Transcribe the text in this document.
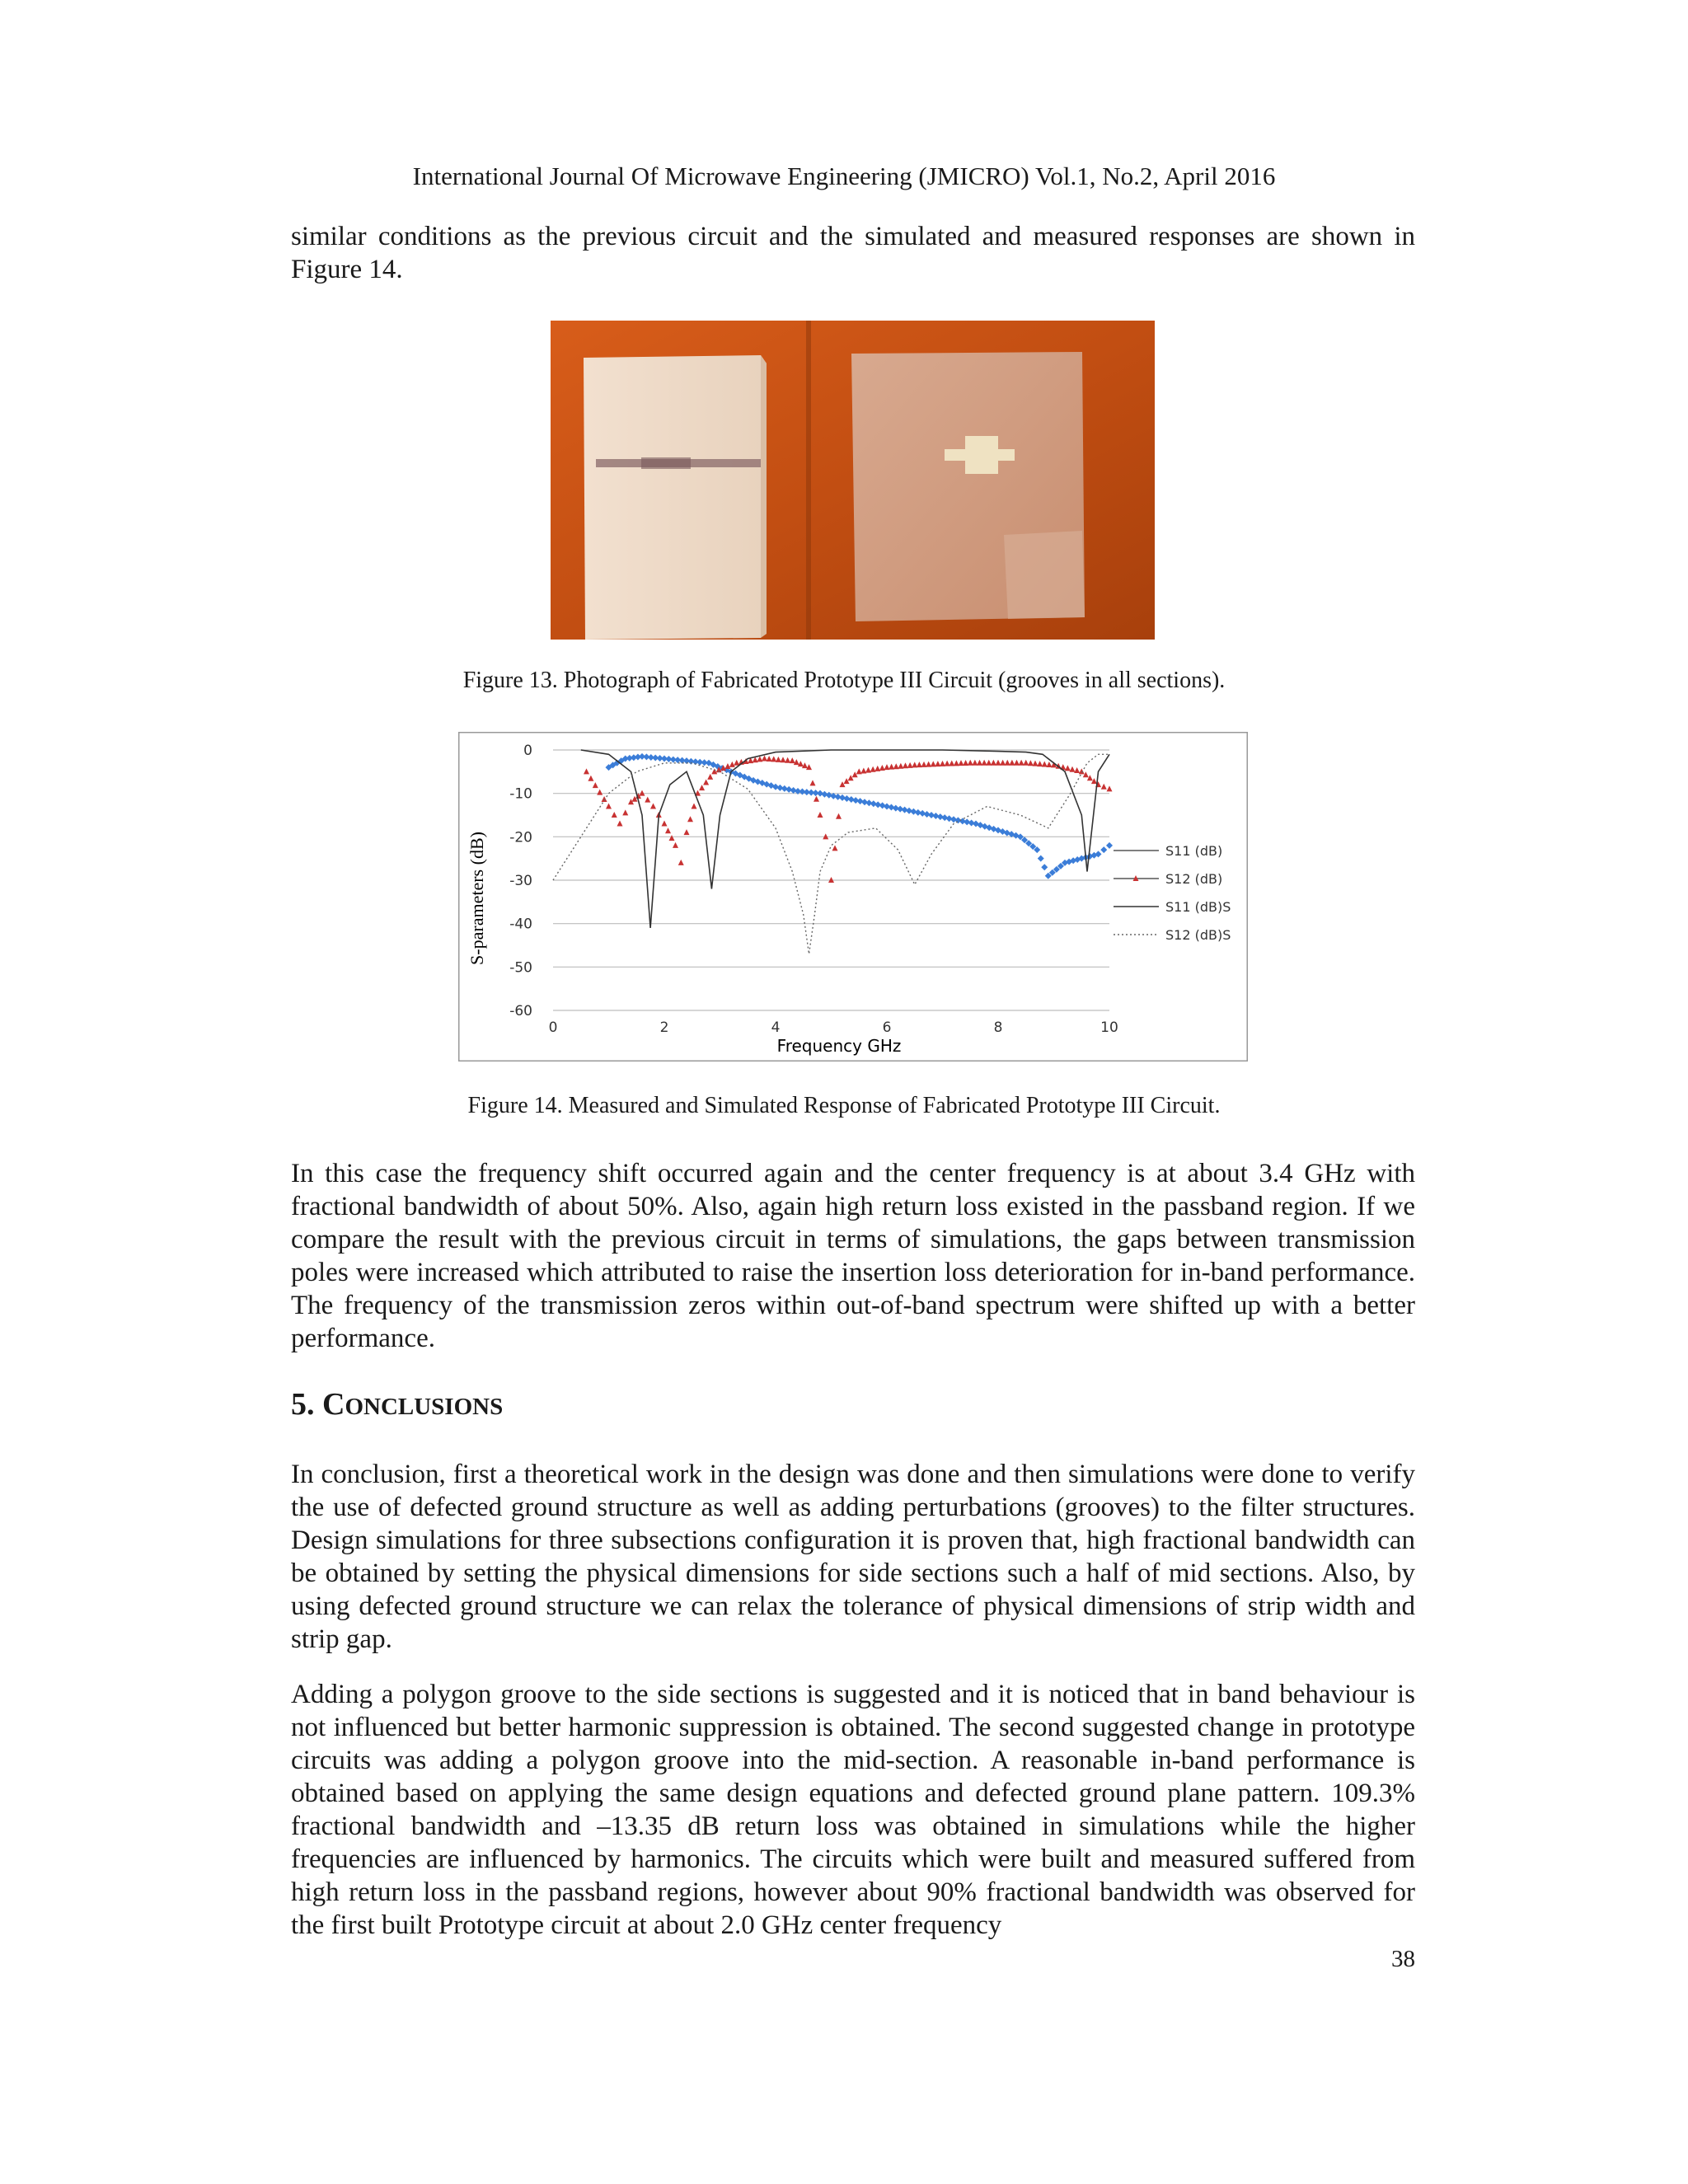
International Journal Of Microwave Engineering (JMICRO) Vol.1, No.2, April 2016

similar conditions as the previous circuit and the simulated and measured responses are shown in Figure 14.

Figure 13. Photograph of Fabricated Prototype III Circuit (grooves in all sections).
0	2	4	6	8	10
0
-10
-20
-30
-40
-50
-60
S11 (dB)
S12 (dB)
S11 (dB)S
S12 (dB)S
Frequency GHz
S-parameters (dB)
Figure 14. Measured and Simulated Response of Fabricated Prototype III Circuit.

In this case the frequency shift occurred again and the center frequency is at about 3.4 GHz with fractional bandwidth of about 50%. Also, again high return loss existed in the passband region. If we compare the result with the previous circuit in terms of simulations, the gaps between transmission poles were increased which attributed to raise the insertion loss deterioration for in-band performance. The frequency of the transmission zeros within out-of-band spectrum were shifted up with a better performance.

5. CONCLUSIONS

In conclusion, first a theoretical work in the design was done and then simulations were done to verify the use of defected ground structure as well as adding perturbations (grooves) to the filter structures. Design simulations for three subsections configuration it is proven that, high fractional bandwidth can be obtained by setting the physical dimensions for side sections such a half of mid sections. Also, by using defected ground structure we can relax the tolerance of physical dimensions of strip width and strip gap.

Adding a polygon groove to the side sections is suggested and it is noticed that in band behaviour is not influenced but better harmonic suppression is obtained. The second suggested change in prototype circuits was adding a polygon groove into the mid-section. A reasonable in-band performance is obtained based on applying the same design equations and defected ground plane pattern. 109.3% fractional bandwidth and –13.35 dB return loss was obtained in simulations while the higher frequencies are influenced by harmonics. The circuits which were built and measured suffered from high return loss in the passband regions, however about 90% fractional bandwidth was observed for the first built Prototype circuit at about 2.0 GHz center frequency

38
